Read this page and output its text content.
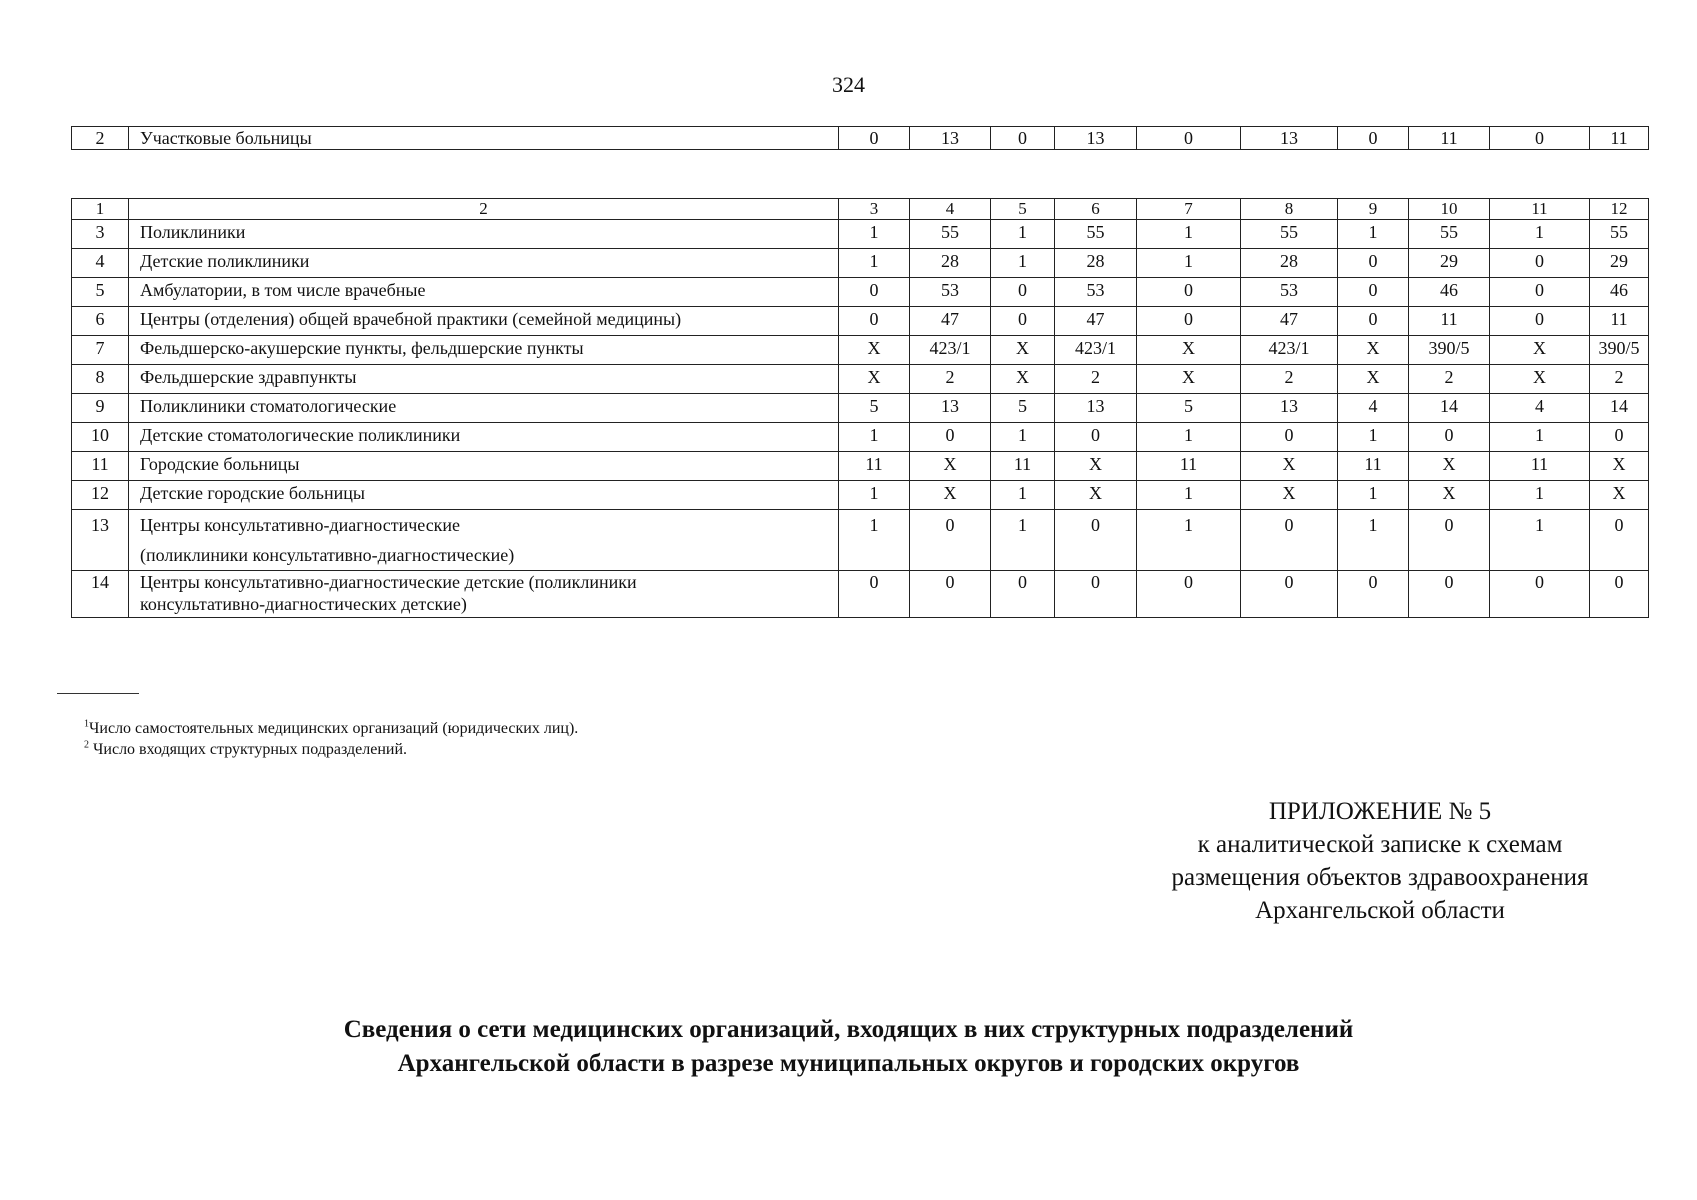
324
2	Участковые больницы	0	13	0	13	0	13	0	11	0	11
1	2	3	4	5	6	7	8	9	10	11	12
3	Поликлиники	1	55	1	55	1	55	1	55	1	55
4	Детские поликлиники	1	28	1	28	1	28	0	29	0	29
5	Амбулатории, в том числе врачебные	0	53	0	53	0	53	0	46	0	46
6	Центры (отделения) общей врачебной практики (семейной медицины)	0	47	0	47	0	47	0	11	0	11
7	Фельдшерско-акушерские пункты, фельдшерские пункты	X	423/1	X	423/1	X	423/1	X	390/5	X	390/5
8	Фельдшерские здравпункты	X	2	X	2	X	2	X	2	X	2
9	Поликлиники стоматологические	5	13	5	13	5	13	4	14	4	14
10	Детские стоматологические поликлиники	1	0	1	0	1	0	1	0	1	0
11	Городские больницы	11	X	11	X	11	X	11	X	11	X
12	Детские городские больницы	1	X	1	X	1	X	1	X	1	X
13	Центры консультативно-диагностические
(поликлиники консультативно-диагностические)	1	0	1	0	1	0	1	0	1	0
14	Центры консультативно-диагностические детские (поликлиники
консультативно-диагностических детские)	0	0	0	0	0	0	0	0	0	0
$^1$Число самостоятельных медицинских организаций (юридических лиц).
$^2$ Число входящих структурных подразделений.
ПРИЛОЖЕНИЕ № 5
к аналитической записке к схемам
размещения объектов здравоохранения
Архангельской области
Сведения о сети медицинских организаций, входящих в них структурных подразделений
Архангельской области в разрезе муниципальных округов и городских округов
